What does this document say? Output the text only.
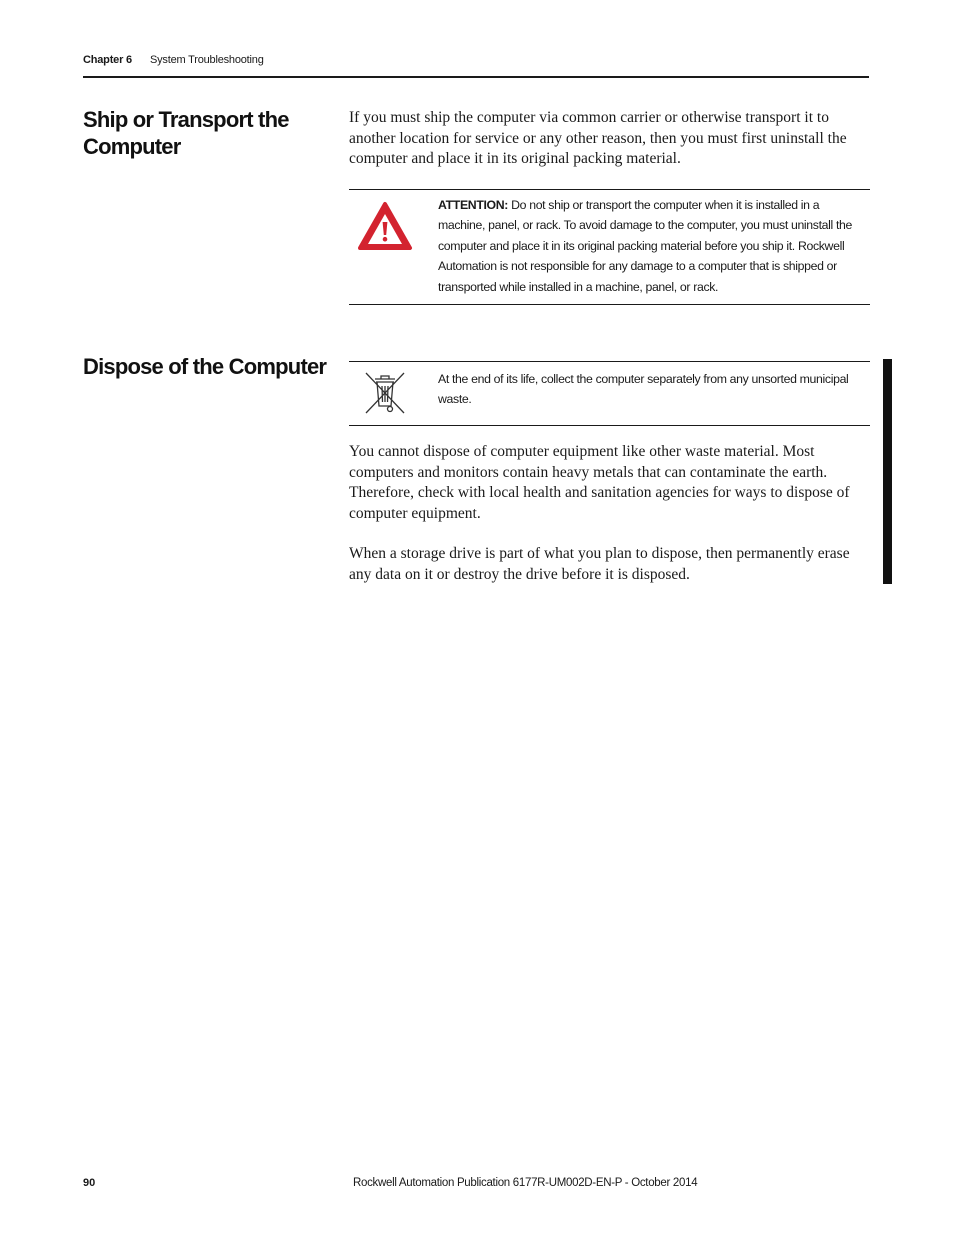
Chapter 6 System Troubleshooting
Ship or Transport the Computer

If you must ship the computer via common carrier or otherwise transport it to another location for service or any other reason, then you must first uninstall the computer and place it in its original packing material.

ATTENTION: Do not ship or transport the computer when it is installed in a machine, panel, or rack. To avoid damage to the computer, you must uninstall the computer and place it in its original packing material before you ship it. Rockwell Automation is not responsible for any damage to a computer that is shipped or transported while installed in a machine, panel, or rack.
Dispose of the Computer	At the end of its life, collect the computer separately from any unsorted municipal waste.

You cannot dispose of computer equipment like other waste material. Most computers and monitors contain heavy metals that can contaminate the earth. Therefore, check with local health and sanitation agencies for ways to dispose of computer equipment.

When a storage drive is part of what you plan to dispose, then permanently erase any data on it or destroy the drive before it is disposed.

90	Rockwell Automation Publication 6177R-UM002D-EN-P - October 2014
